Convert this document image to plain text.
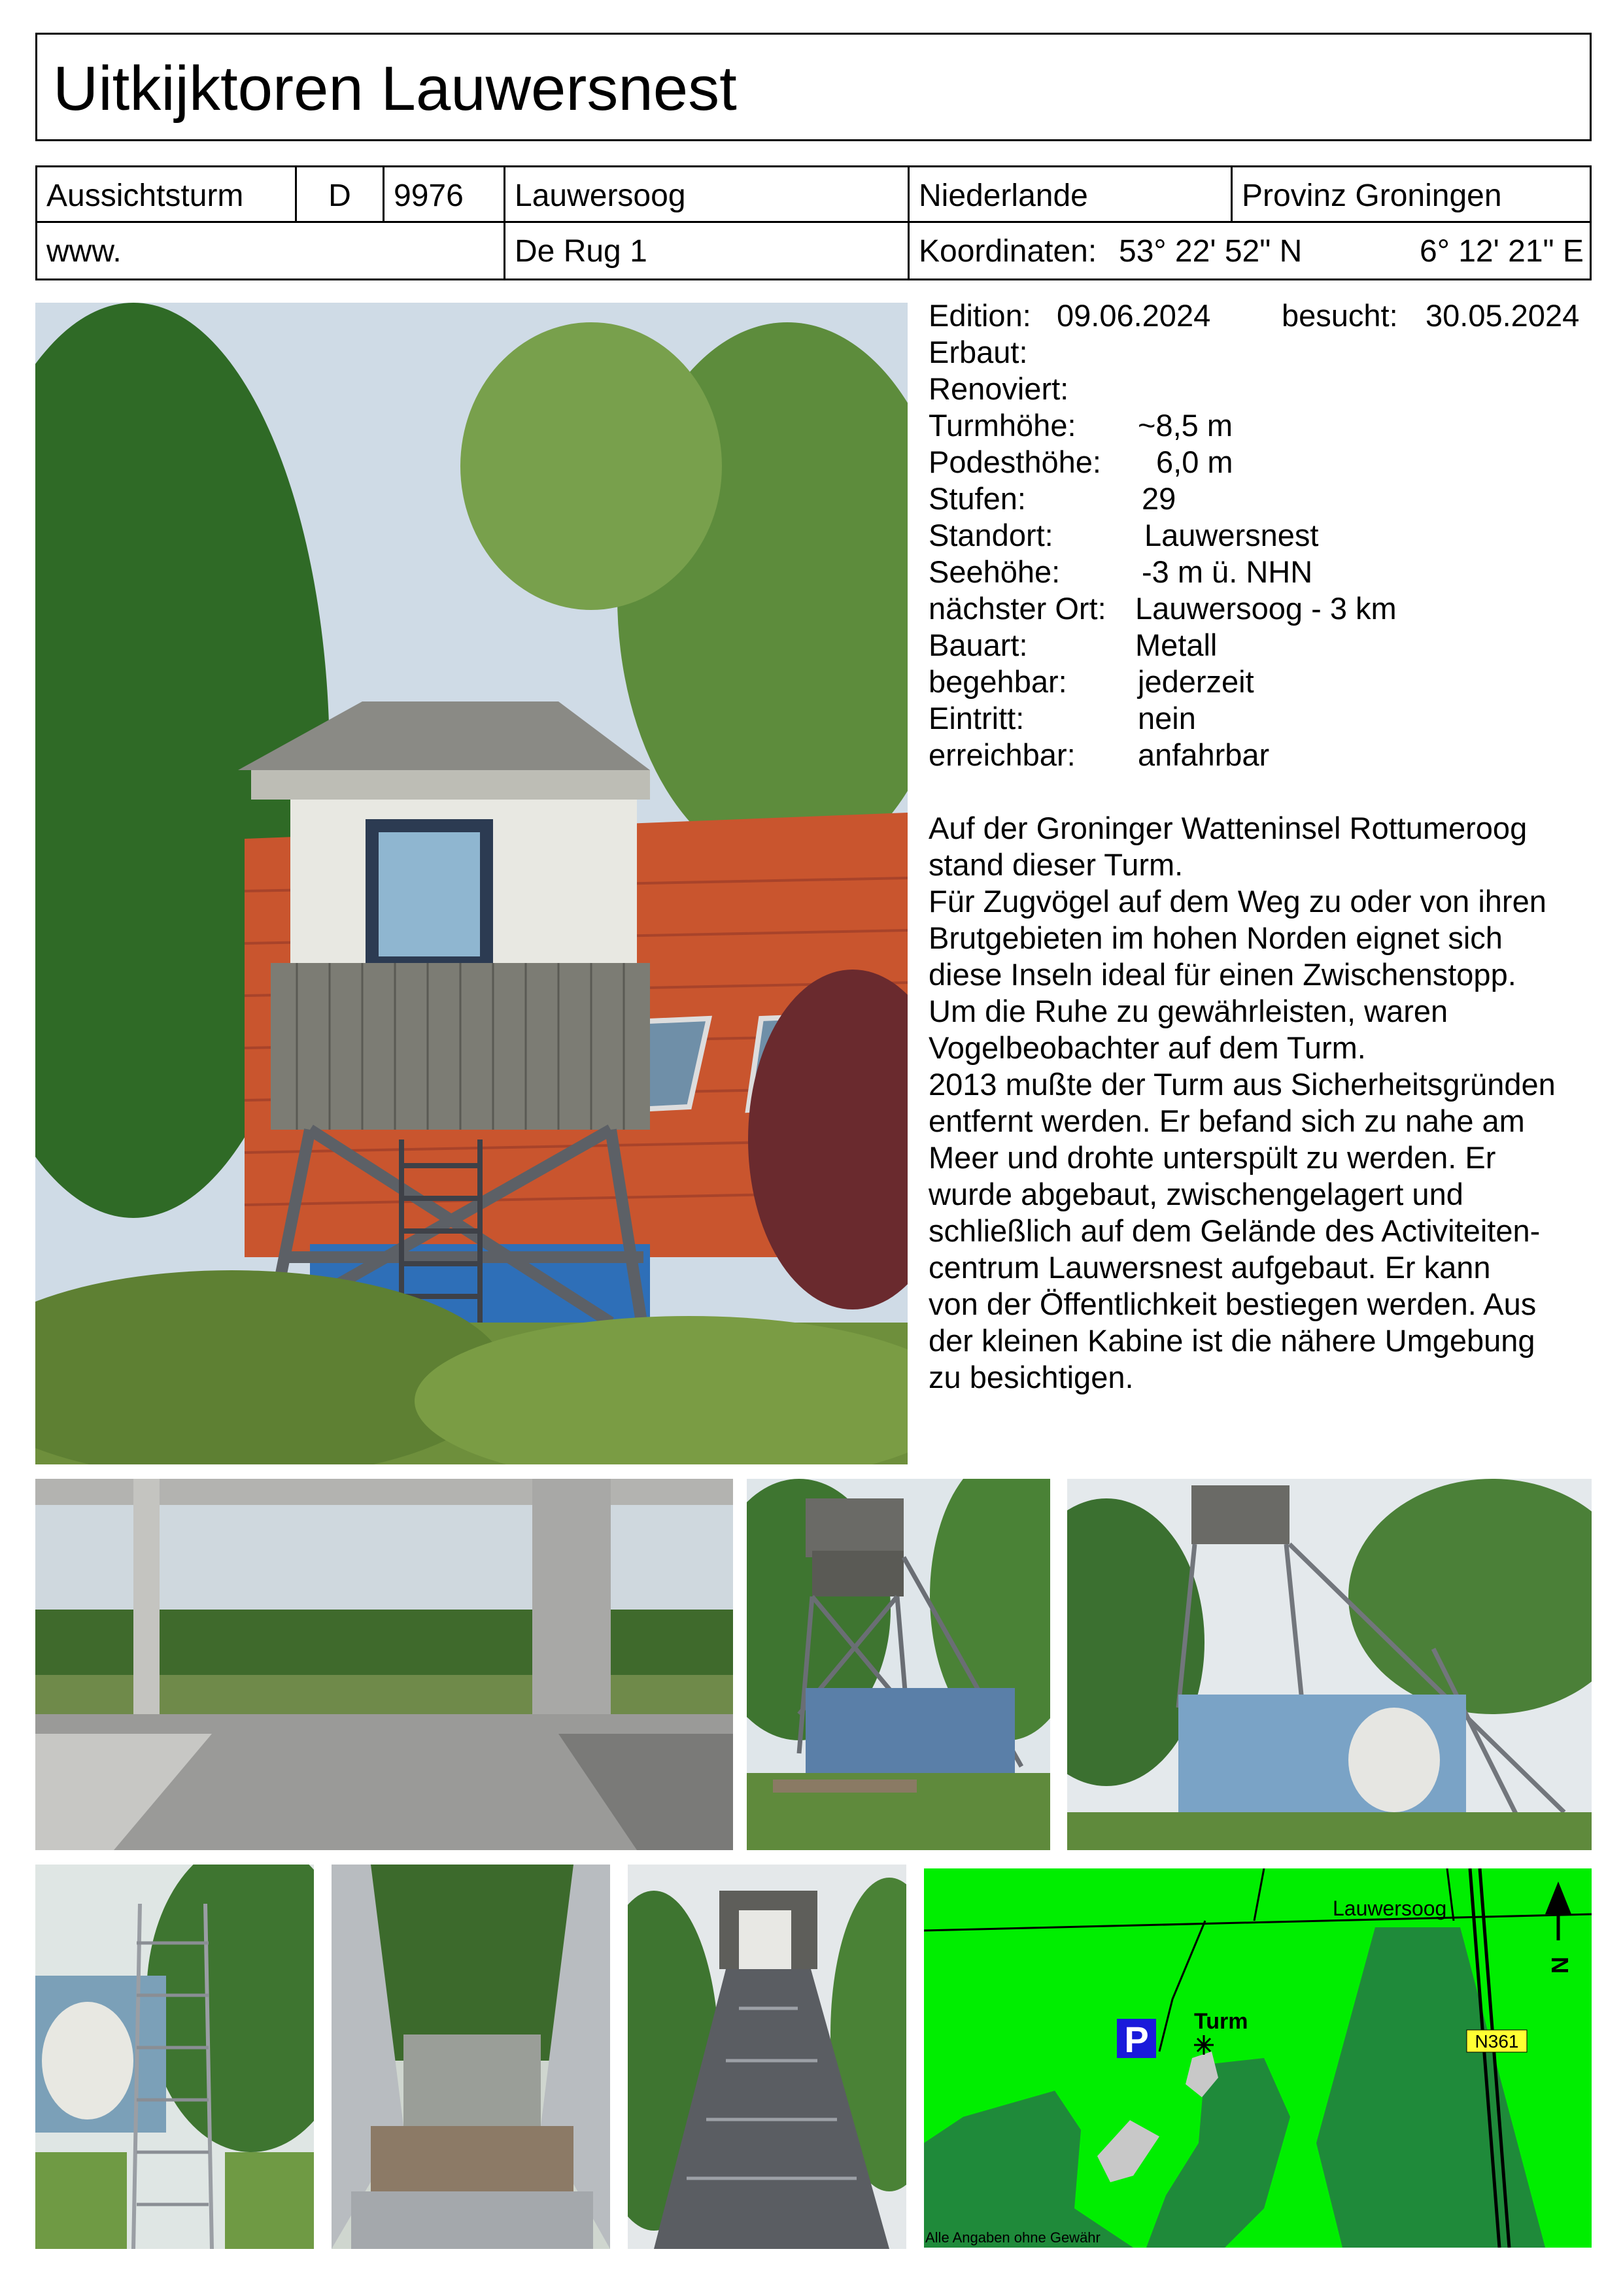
Uitkijktoren Lauwersnest
Aussichtsturm	D	9976	Lauwersoog	Niederlande	Provinz Groningen
www.	De Rug 1	Koordinaten: 53° 22' 52" N	6° 12' 21" E
Edition: 09.06.2024 besucht: 30.05.2024
Erbaut:
Renoviert:
Turmhöhe: ~8,5 m
Podesthöhe: 6,0 m
Stufen:	29
Standort:	Lauwersnest
Seehöhe:	-3 m ü. NHN
nächster Ort: Lauwersoog - 3 km
Bauart:	Metall
begehbar: jederzeit
Eintritt:	nein
erreichbar: anfahrbar
Auf der Groninger Watteninsel Rottumeroog
stand dieser Turm.
Für Zugvögel auf dem Weg zu oder von ihren
Brutgebieten im hohen Norden eignet sich
diese Inseln ideal für einen Zwischenstopp.
Um die Ruhe zu gewährleisten, waren
Vogelbeobachter auf dem Turm.
2013 mußte der Turm aus Sicherheitsgründen
entfernt werden. Er befand sich zu nahe am
Meer und drohte unterspült zu werden. Er
wurde abgebaut, zwischengelagert und
schließlich auf dem Gelände des Activiteiten-
centrum Lauwersnest aufgebaut. Er kann
von der Öffentlichkeit bestiegen werden. Aus
der kleinen Kabine ist die nähere Umgebung
zu besichtigen.
Lauwersoog
N361
Turm
P
N
Alle Angaben ohne Gewähr
